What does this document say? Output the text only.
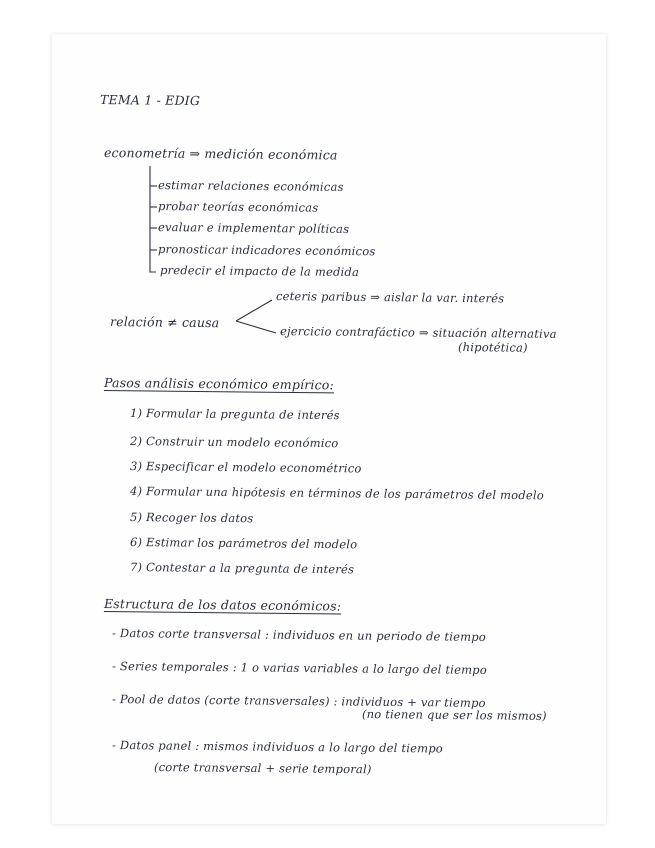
TEMA 1 - EDIG
econometría ⇒ medición económica
estimar relaciones económicas
probar teorías económicas
evaluar e implementar políticas
pronosticar indicadores económicos
predecir el impacto de la medida
relación ≠ causa
ceteris paribus ⇒ aislar la var. interés
ejercicio contrafáctico ⇒ situación alternativa
(hipotética)
Pasos análisis económico empírico:
1) Formular la pregunta de interés
2) Construir un modelo económico
3) Especificar el modelo econométrico
4) Formular una hipótesis en términos de los parámetros del modelo
5) Recoger los datos
6) Estimar los parámetros del modelo
7) Contestar a la pregunta de interés
Estructura de los datos económicos:
- Datos corte transversal : individuos en un periodo de tiempo
- Series temporales : 1 o varias variables a lo largo del tiempo
- Pool de datos (corte transversales) : individuos + var tiempo
(no tienen que ser los mismos)
- Datos panel : mismos individuos a lo largo del tiempo
(corte transversal + serie temporal)
